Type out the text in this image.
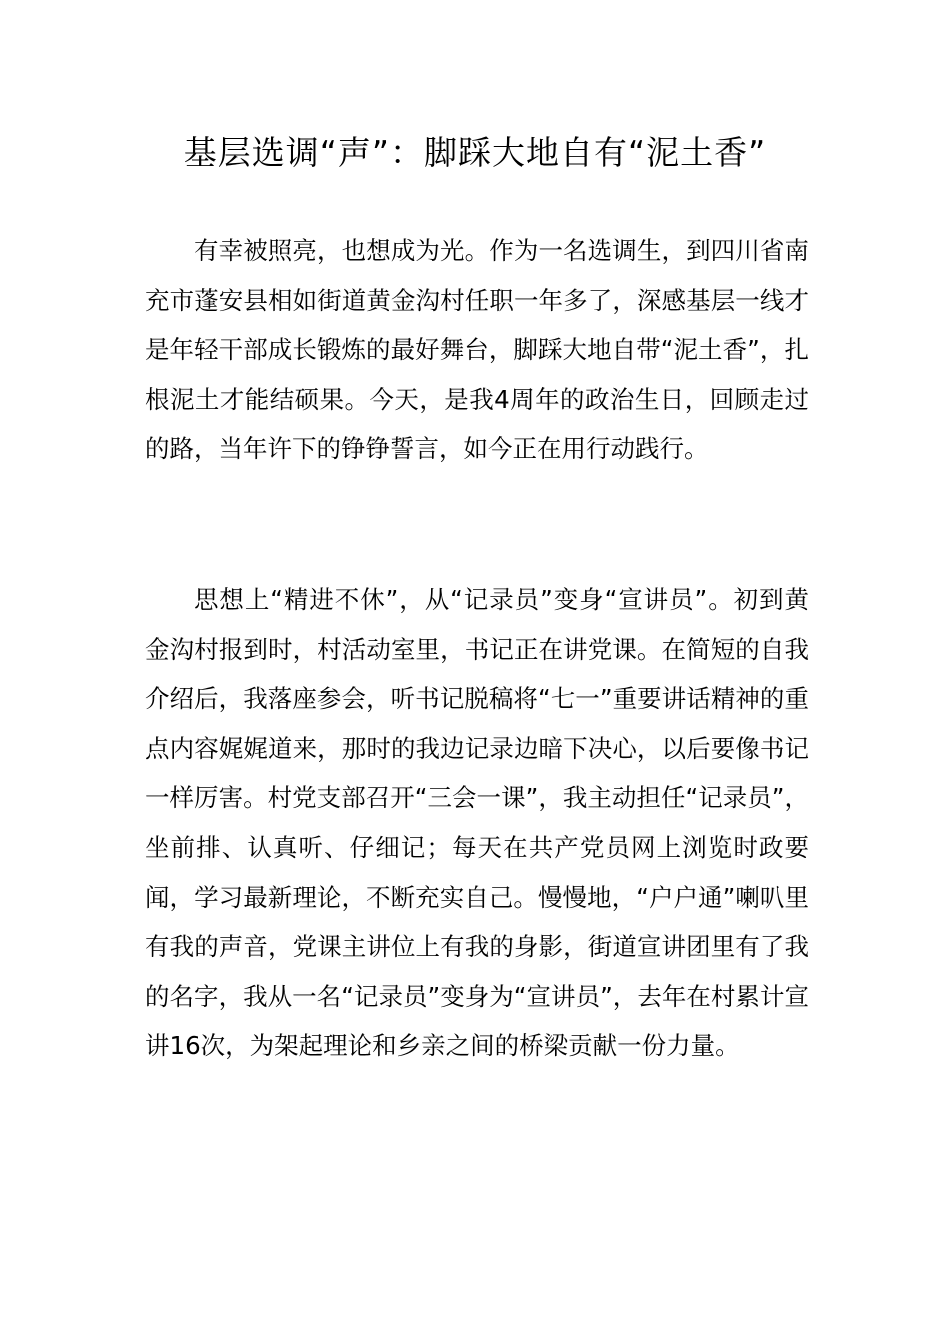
基层选调“声”：脚踩大地自有“泥土香”

有幸被照亮，也想成为光。作为一名选调生，到四川省南充市蓬安县相如街道黄金沟村任职一年多了，深感基层一线才是年轻干部成长锻炼的最好舞台，脚踩大地自带“泥土香”，扎根泥土才能结硕果。今天，是我4周年的政治生日，回顾走过的路，当年许下的铮铮誓言，如今正在用行动践行。

思想上“精进不休”，从“记录员”变身“宣讲员”。初到黄金沟村报到时，村活动室里，书记正在讲党课。在简短的自我介绍后，我落座参会，听书记脱稿将“七一”重要讲话精神的重点内容娓娓道来，那时的我边记录边暗下决心，以后要像书记一样厉害。村党支部召开“三会一课”，我主动担任“记录员”，坐前排、认真听、仔细记；每天在共产党员网上浏览时政要闻，学习最新理论，不断充实自己。慢慢地，“户户通”喇叭里有我的声音，党课主讲位上有我的身影，街道宣讲团里有了我的名字，我从一名“记录员”变身为“宣讲员”，去年在村累计宣讲16次，为架起理论和乡亲之间的桥梁贡献一份力量。
